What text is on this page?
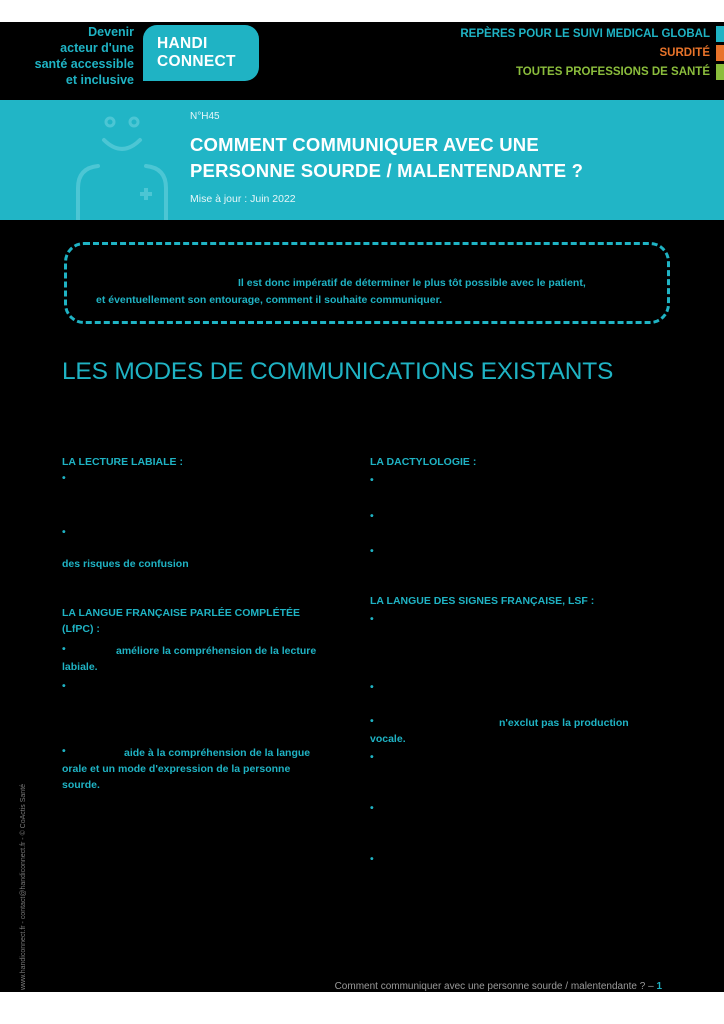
Devenir
acteur d'une
santé accessible
et inclusive
HANDI
CONNECT
REPÈRES POUR LE SUIVI MEDICAL GLOBAL
SURDITÉ
TOUTES PROFESSIONS DE SANTÉ
N°H45
COMMENT COMMUNIQUER AVEC UNE
PERSONNE SOURDE / MALENTENDANTE ?
Mise à jour : Juin 2022
Il est donc impératif de déterminer le plus tôt possible avec le patient,
et éventuellement son entourage, comment il souhaite communiquer.
LES MODES DE COMMUNICATIONS EXISTANTS
LA LECTURE LABIALE :
•
•
des risques de confusion
LA LANGUE FRANÇAISE PARLÉE COMPLÉTÉE
(LfPC) :
•	améliore la compréhension de la lecture
labiale.
•
•	aide à la compréhension de la langue
orale et un mode d'expression de la personne
sourde.
LA DACTYLOLOGIE :
•
•
•
LA LANGUE DES SIGNES FRANÇAISE, LSF :
•
•
•	n'exclut pas la production
vocale.
•
•
•
www.handiconnect.fr - contact@handiconnect.fr - © CoActis Santé	Comment communiquer avec une personne sourde / malentendante ? – 1
